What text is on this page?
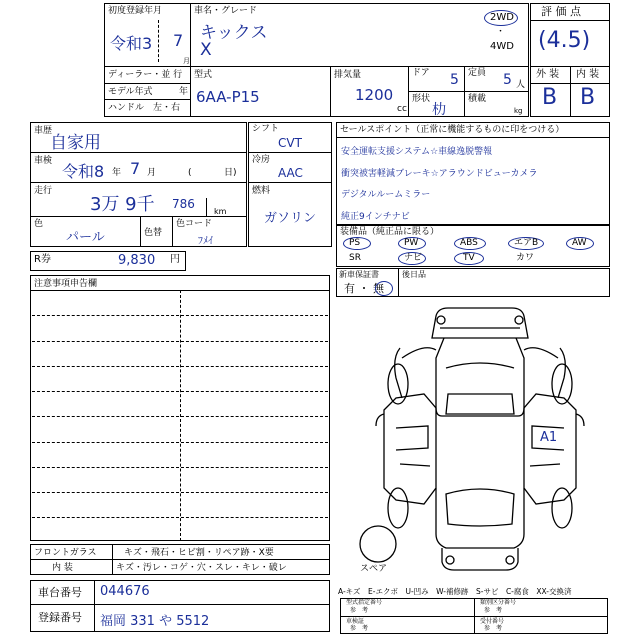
初度登録年月
令和3 7
月
車名・グレード
キックス
X
2WD
・
4WD
ディーラー・並 行
モデル年式	年
ハンドル　左・右
型式
6AA-P15
排気量
1200
cc
ドア 5 定員 5 人
形状
朸
積載
kg
評 価 点
(4.5)
外 装 内 装
B B
車歴
自家用
車検
令和8 年 7 月	(	日)
走行
3万 9千 786
km
色
パール	色替
色コード
ﾌﾒｲ
シフト
CVT
冷房
AAC
燃料
ガソリン
R券	9,830 円
セールスポイント（正常に機能するものに印をつける）
安全運転支援システム☆車線逸脱警報
衝突被害軽減ブレーキ☆アラウンドビューカメラ
デジタルルームミラー
純正9インチナビ
装備品（純正品に限る）
PS	PW	ABS	エアB	AW
SR	ナビ	TV	カワ
新車保証書
有 ・ 無
後日品
注意事項申告欄
A1
スペア
フロントガラス	キズ・飛石・ヒビ割・リペア跡・X要
内 装	キズ・汚レ・コゲ・穴・スレ・キレ・破レ
車台番号 044676
登録番号 福岡 331 や 5512
A-キズ　E-エクボ　U-凹み　W-補修跡　S-サビ　C-腐食　XX-交換済
型式指定番号
参　考
類別区分番号
参　考
車検証
参　考
受付番号
参　考
